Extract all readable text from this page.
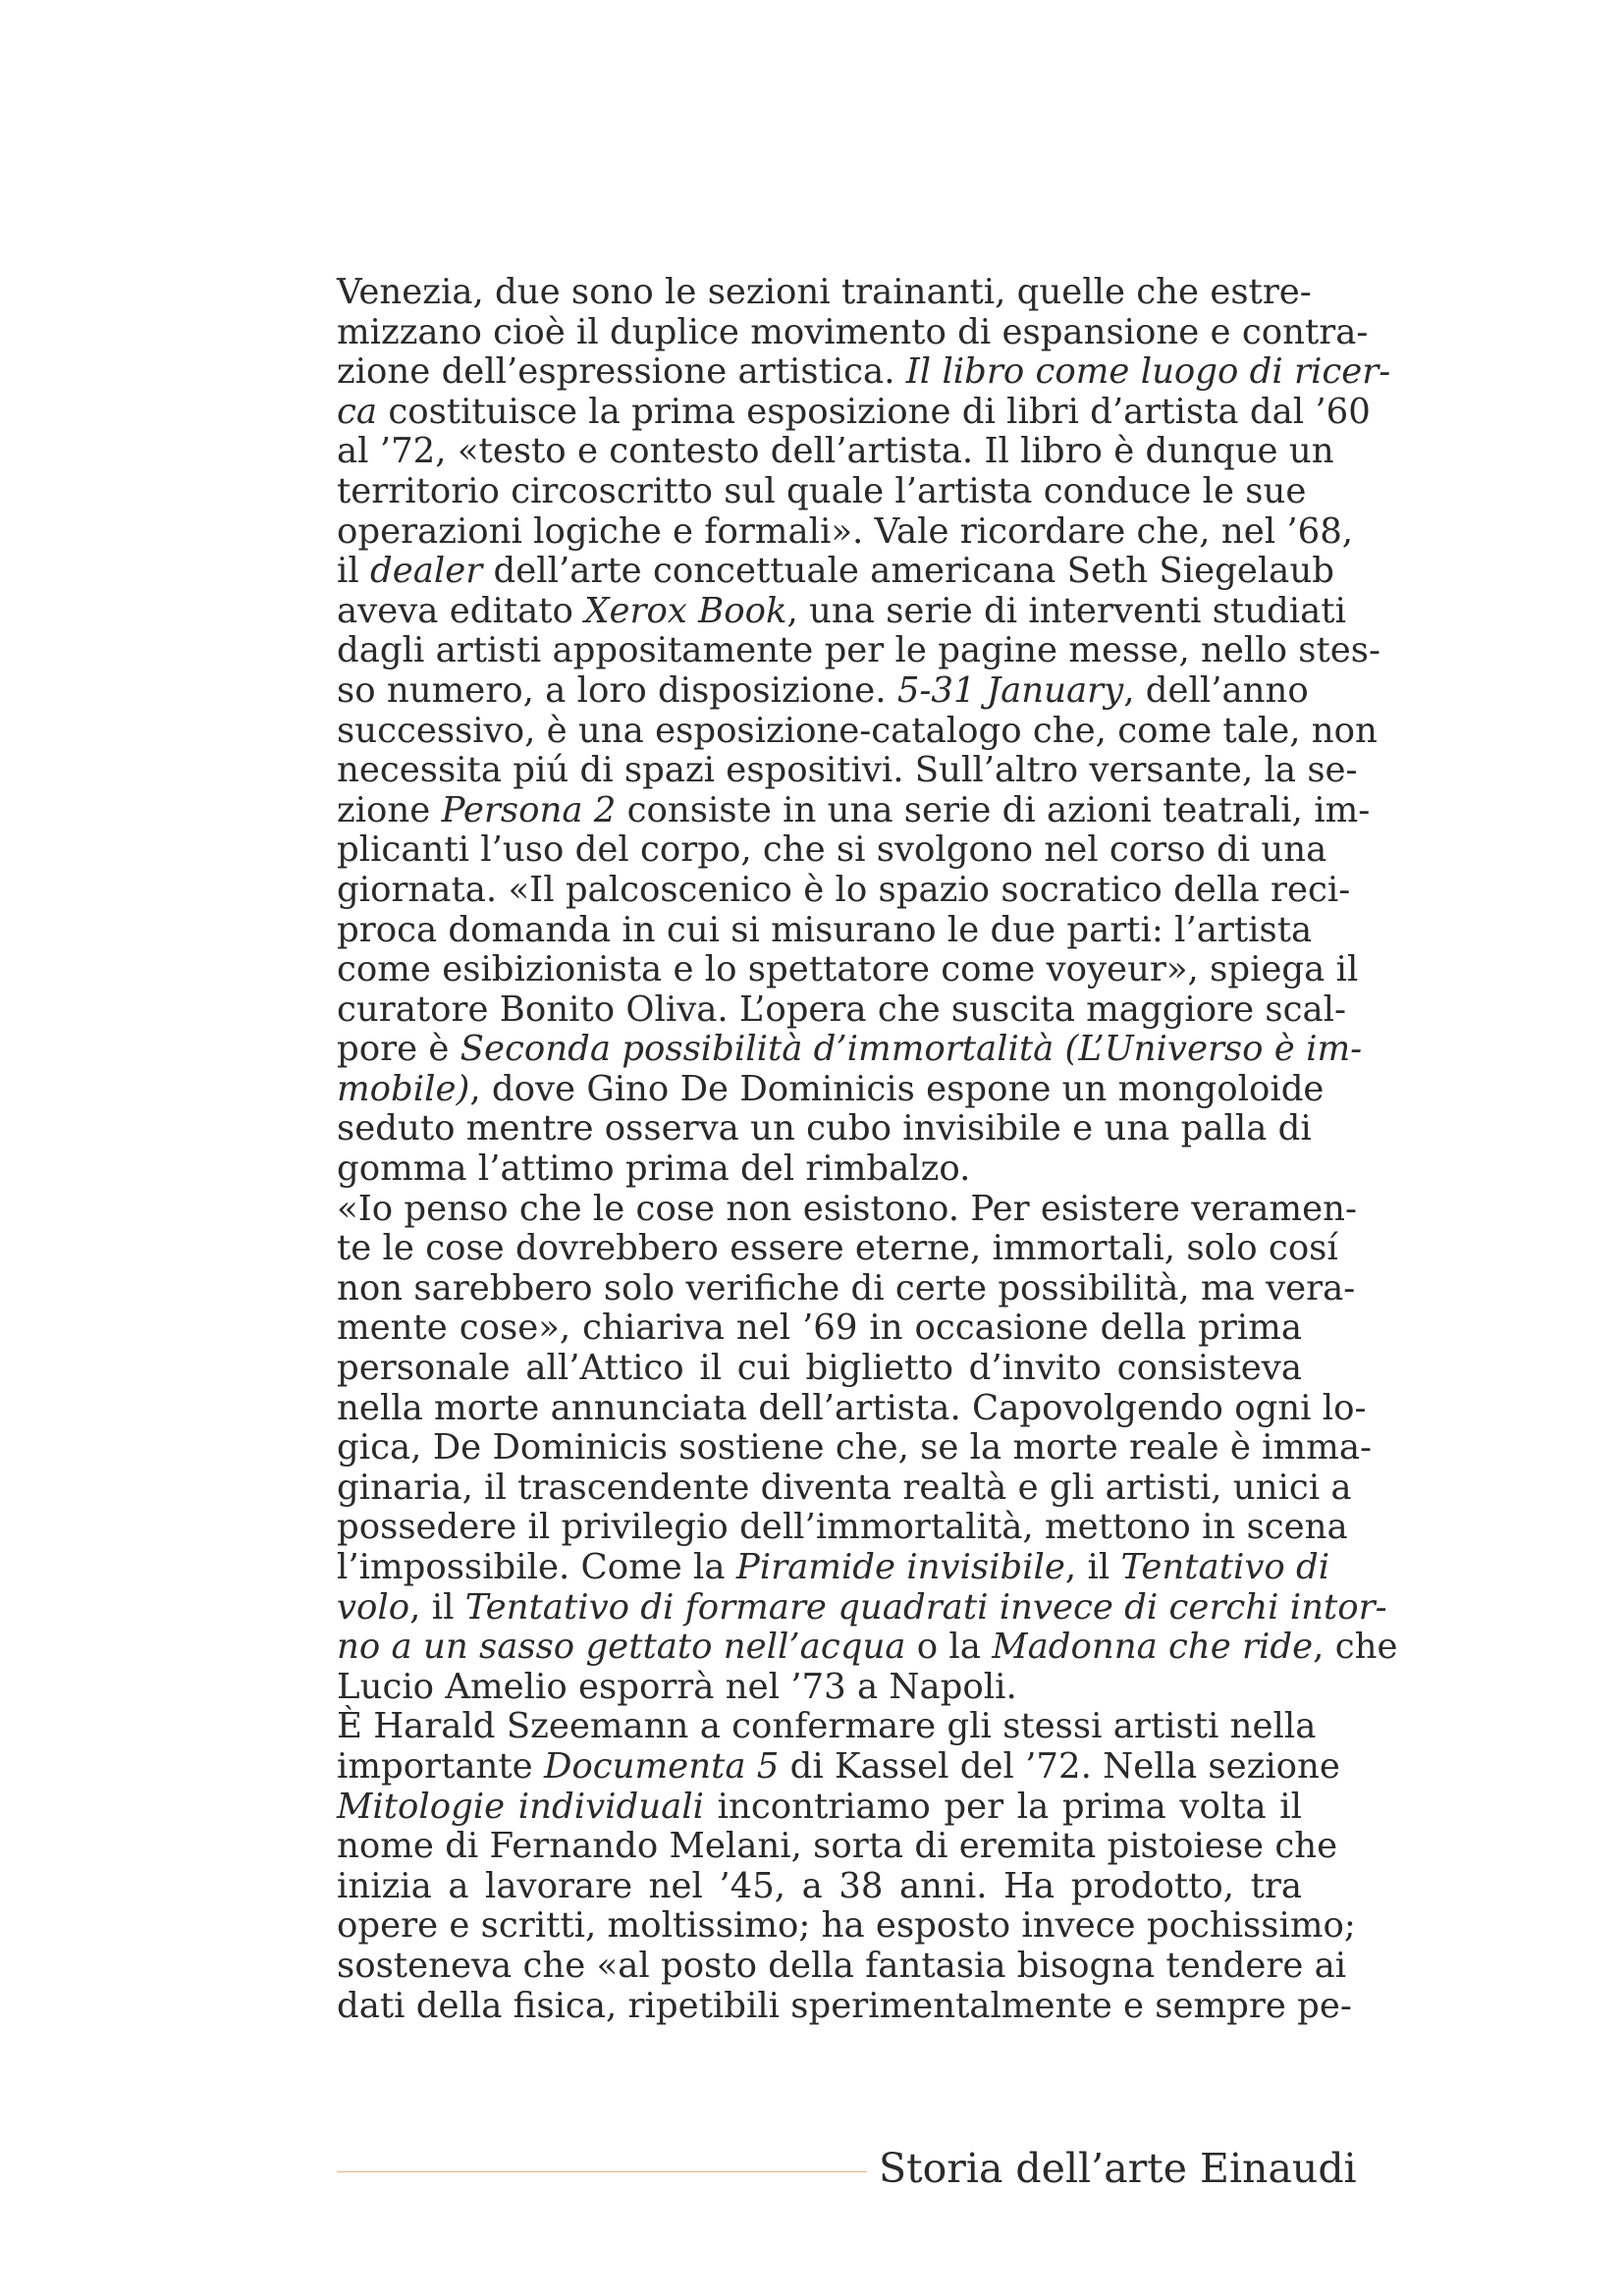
Venezia, due sono le sezioni trainanti, quelle che estre-
mizzano cioè il duplice movimento di espansione e contra-
zione dell’espressione artistica. Il libro come luogo di ricer-
ca costituisce la prima esposizione di libri d’artista dal ’60
al ’72, «testo e contesto dell’artista. Il libro è dunque un
territorio circoscritto sul quale l’artista conduce le sue
operazioni logiche e formali». Vale ricordare che, nel ’68,
il dealer dell’arte concettuale americana Seth Siegelaub
aveva editato Xerox Book, una serie di interventi studiati
dagli artisti appositamente per le pagine messe, nello stes-
so numero, a loro disposizione. 5-31 January, dell’anno
successivo, è una esposizione-catalogo che, come tale, non
necessita piú di spazi espositivi. Sull’altro versante, la se-
zione Persona 2 consiste in una serie di azioni teatrali, im-
plicanti l’uso del corpo, che si svolgono nel corso di una
giornata. «Il palcoscenico è lo spazio socratico della reci-
proca domanda in cui si misurano le due parti: l’artista
come esibizionista e lo spettatore come voyeur», spiega il
curatore Bonito Oliva. L’opera che suscita maggiore scal-
pore è Seconda possibilità d’immortalità (L’Universo è im-
mobile), dove Gino De Dominicis espone un mongoloide
seduto mentre osserva un cubo invisibile e una palla di
gomma l’attimo prima del rimbalzo.
«Io penso che le cose non esistono. Per esistere veramen-
te le cose dovrebbero essere eterne, immortali, solo cosí
non sarebbero solo verifiche di certe possibilità, ma vera-
mente cose», chiariva nel ’69 in occasione della prima
personale all’Attico il cui biglietto d’invito consisteva
nella morte annunciata dell’artista. Capovolgendo ogni lo-
gica, De Dominicis sostiene che, se la morte reale è imma-
ginaria, il trascendente diventa realtà e gli artisti, unici a
possedere il privilegio dell’immortalità, mettono in scena
l’impossibile. Come la Piramide invisibile, il Tentativo di
volo, il Tentativo di formare quadrati invece di cerchi intor-
no a un sasso gettato nell’acqua o la Madonna che ride, che
Lucio Amelio esporrà nel ’73 a Napoli.
È Harald Szeemann a confermare gli stessi artisti nella
importante Documenta 5 di Kassel del ’72. Nella sezione
Mitologie individuali incontriamo per la prima volta il
nome di Fernando Melani, sorta di eremita pistoiese che
inizia a lavorare nel ’45, a 38 anni. Ha prodotto, tra
opere e scritti, moltissimo; ha esposto invece pochissimo;
sosteneva che «al posto della fantasia bisogna tendere ai
dati della fisica, ripetibili sperimentalmente e sempre pe-
Storia dell’arte Einaudi
